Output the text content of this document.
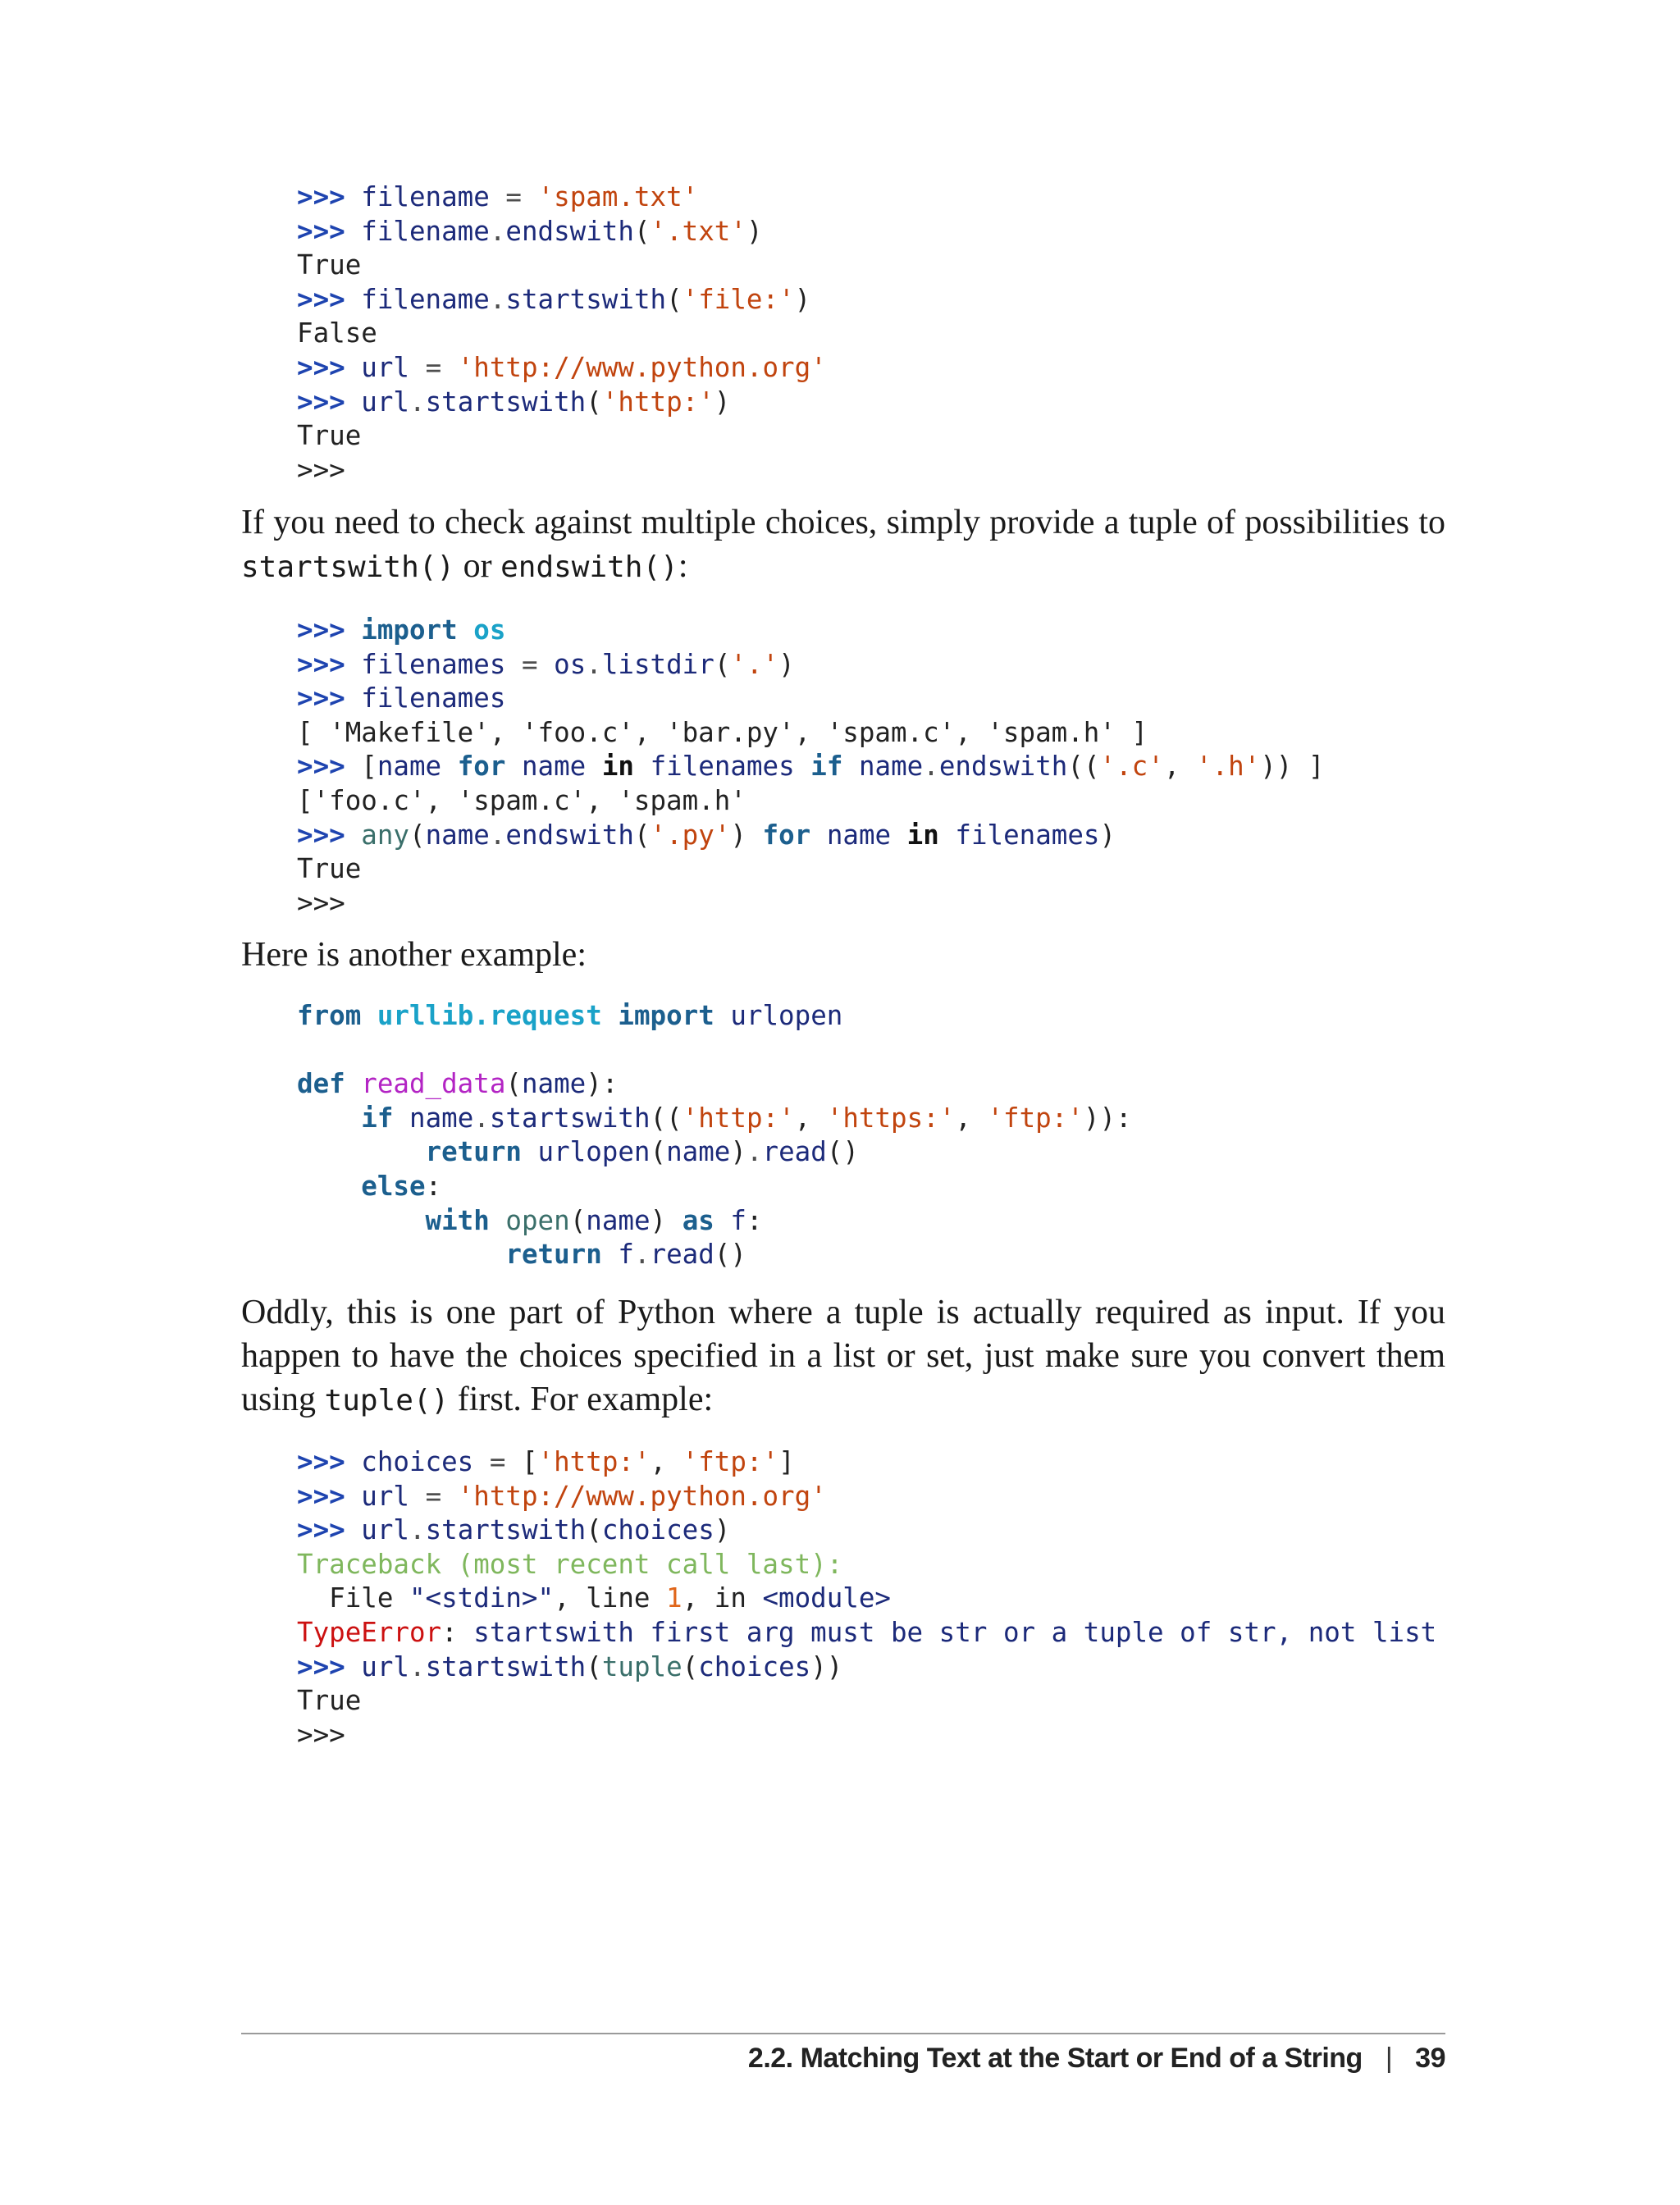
>>> filename = 'spam.txt'
>>> filename.endswith('.txt')
True
>>> filename.startswith('file:')
False
>>> url = 'http://www.python.org'
>>> url.startswith('http:')
True
>>>

If you need to check against multiple choices, simply provide a tuple of possibilities to startswith() or endswith():

>>> import os
>>> filenames = os.listdir('.')
>>> filenames
[ 'Makefile', 'foo.c', 'bar.py', 'spam.c', 'spam.h' ]
>>> [name for name in filenames if name.endswith(('.c', '.h')) ]
['foo.c', 'spam.c', 'spam.h'
>>> any(name.endswith('.py') for name in filenames)
True
>>>

Here is another example:

from urllib.request import urlopen

def read_data(name):
if name.startswith(('http:', 'https:', 'ftp:')):
return urlopen(name).read()
else:
with open(name) as f:
return f.read()

Oddly, this is one part of Python where a tuple is actually required as input. If you happen to have the choices specified in a list or set, just make sure you convert them using tuple() first. For example:

>>> choices = ['http:', 'ftp:']
>>> url = 'http://www.python.org'
>>> url.startswith(choices)
Traceback (most recent call last):
File "<stdin>", line 1, in <module>
TypeError: startswith first arg must be str or a tuple of str, not list
>>> url.startswith(tuple(choices))
True
>>>
2.2. Matching Text at the Start or End of a String | 39
